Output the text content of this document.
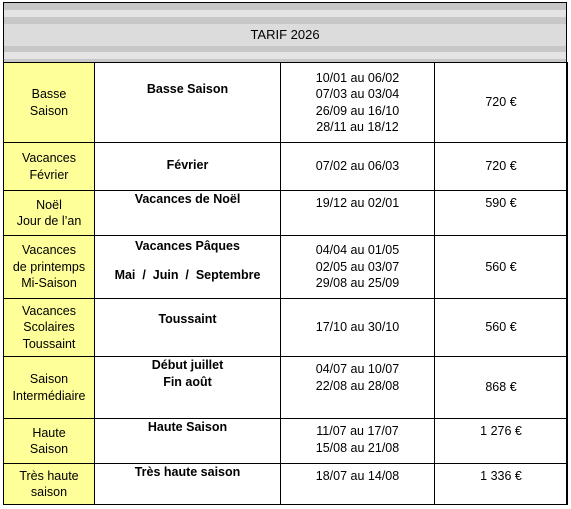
TARIF 2026
Basse
Saison	Basse Saison	10/01 au 06/02
07/03 au 03/04
26/09 au 16/10
28/11 au 18/12	720 €

Vacances
Février	Février	07/02 au 06/03	720 €

Noël
Jour de l’an	Vacances de Noël	19/12 au 02/01	590 €

Vacances
de printemps
Mi-Saison	Vacances Pâques
Mai  /  Juin  /  Septembre	04/04 au 01/05
02/05 au 03/07
29/08 au 25/09	560 €

Vacances
Scolaires
Toussaint	Toussaint	17/10 au 30/10	560 €

Saison
Intermédiaire	Début juillet
Fin août	04/07 au 10/07
22/08 au 28/08	868 €

Haute
Saison	Haute Saison	11/07 au 17/07
15/08 au 21/08	1 276 €

Très haute
saison	Très haute saison	18/07 au 14/08	1 336 €
